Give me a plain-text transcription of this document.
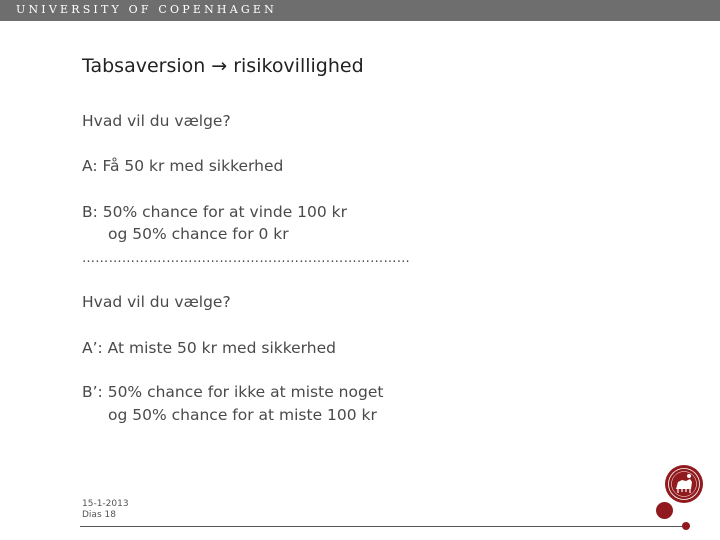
UNIVERSITY OF COPENHAGEN
Tabsaversion → risikovillighed
Hvad vil du vælge?
A: Få 50 kr med sikkerhed
B: 50% chance for at vinde 100 kr
og 50% chance for 0 kr
……………….……………………………….………………
Hvad vil du vælge?
A’: At miste 50 kr med sikkerhed
B’: 50% chance for ikke at miste noget
og 50% chance for at miste 100 kr
15-1-2013
Dias 18
